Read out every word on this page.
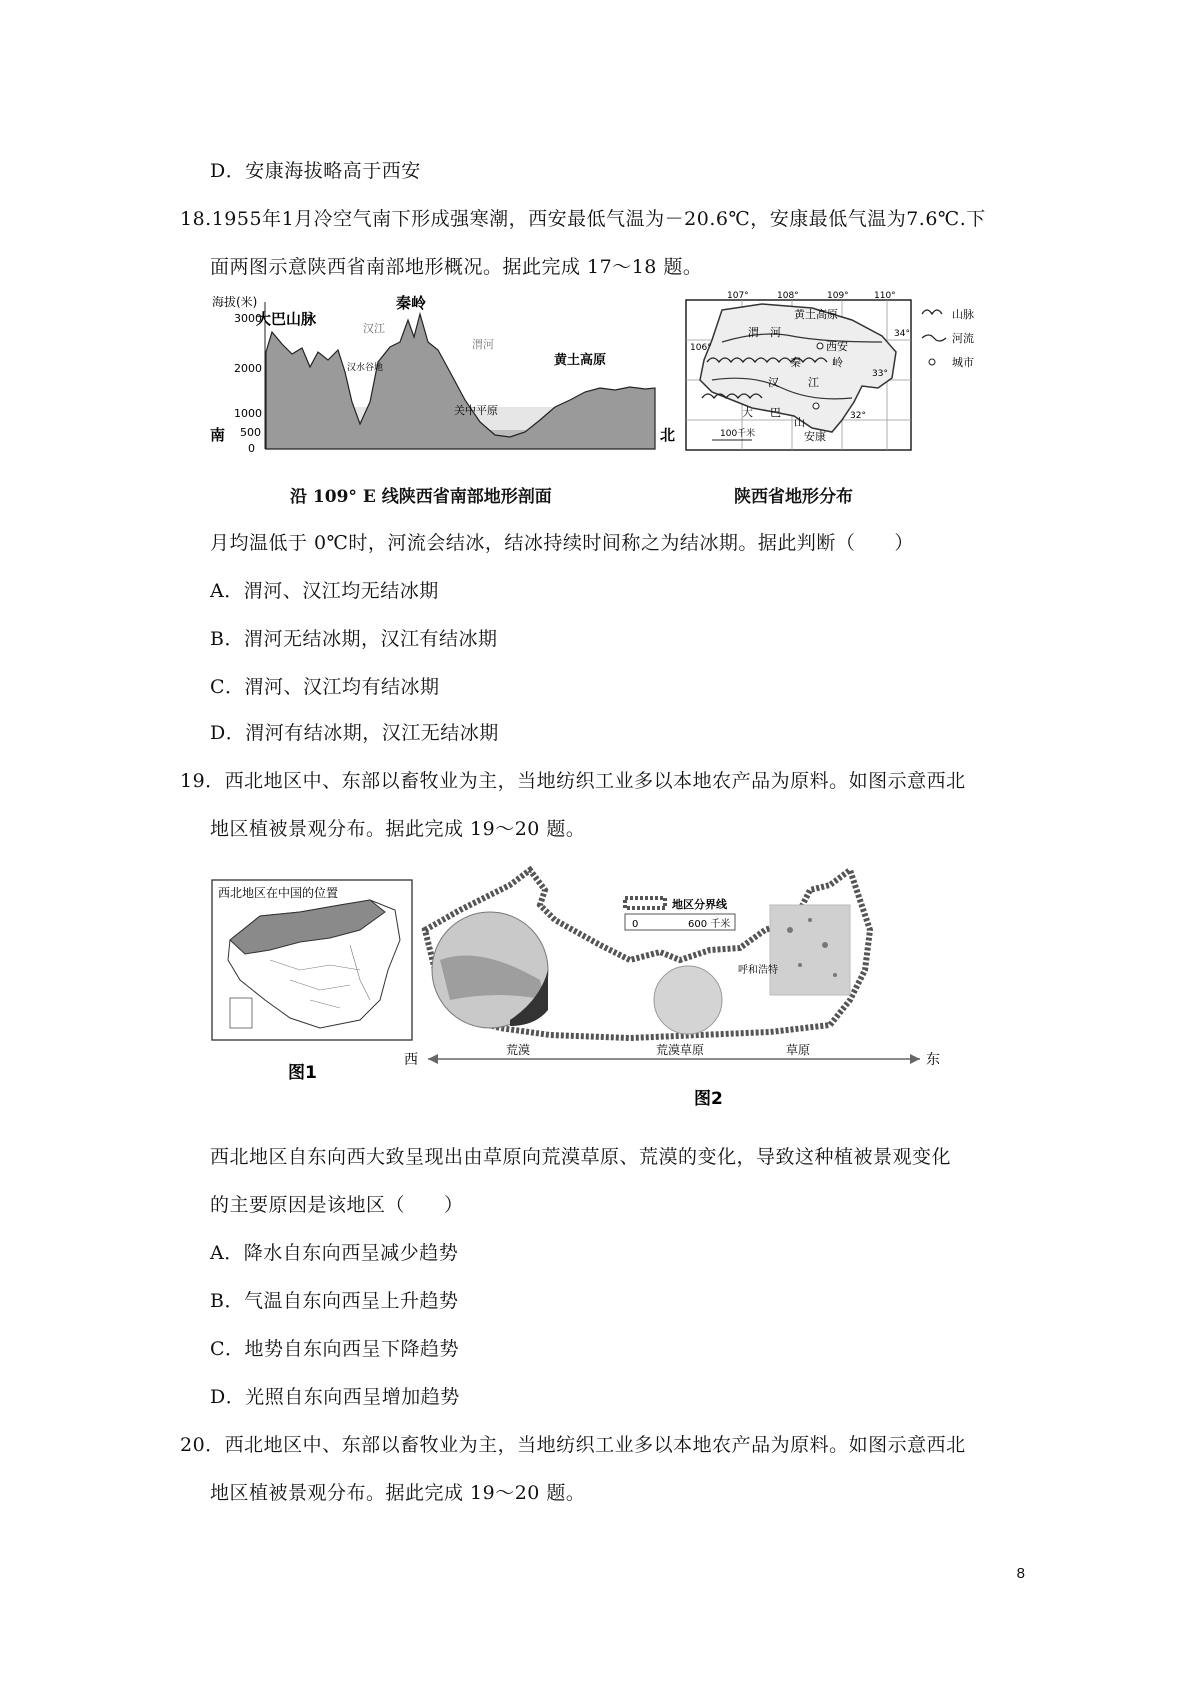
D．安康海拔略高于西安
18.1955年1月冷空气南下形成强寒潮，西安最低气温为－20.6℃，安康最低气温为7.6℃.下
面两图示意陕西省南部地形概况。据此完成 17～18 题。
海拔(米)
3000
2000
1000
500
0
大巴山脉
秦岭
汉江
汉水谷地
渭河
关中平原
黄土高原
南	北
沿 109° E 线陕西省南部地形剖面
107°	108°	109°	110°
106°
34°
33°
32°
黄土高原
渭 河
西安
秦	岭
汉	江
大 巴
山
安康
100千米
山脉
河流
城市
陕西省地形分布
月均温低于 0℃时，河流会结冰，结冰持续时间称之为结冰期。据此判断（　　）
A．渭河、汉江均无结冰期
B．渭河无结冰期，汉江有结冰期
C．渭河、汉江均有结冰期
D．渭河有结冰期，汉江无结冰期
19．西北地区中、东部以畜牧业为主，当地纺织工业多以本地农产品为原料。如图示意西北
地区植被景观分布。据此完成 19～20 题。
西北地区在中国的位置
图1
地区分界线
0	600 千米
呼和浩特
西	东
荒漠	荒漠草原	草原
图2
西北地区自东向西大致呈现出由草原向荒漠草原、荒漠的变化，导致这种植被景观变化
的主要原因是该地区（　　）
A．降水自东向西呈减少趋势
B．气温自东向西呈上升趋势
C．地势自东向西呈下降趋势
D．光照自东向西呈增加趋势
20．西北地区中、东部以畜牧业为主，当地纺织工业多以本地农产品为原料。如图示意西北
地区植被景观分布。据此完成 19～20 题。
8
